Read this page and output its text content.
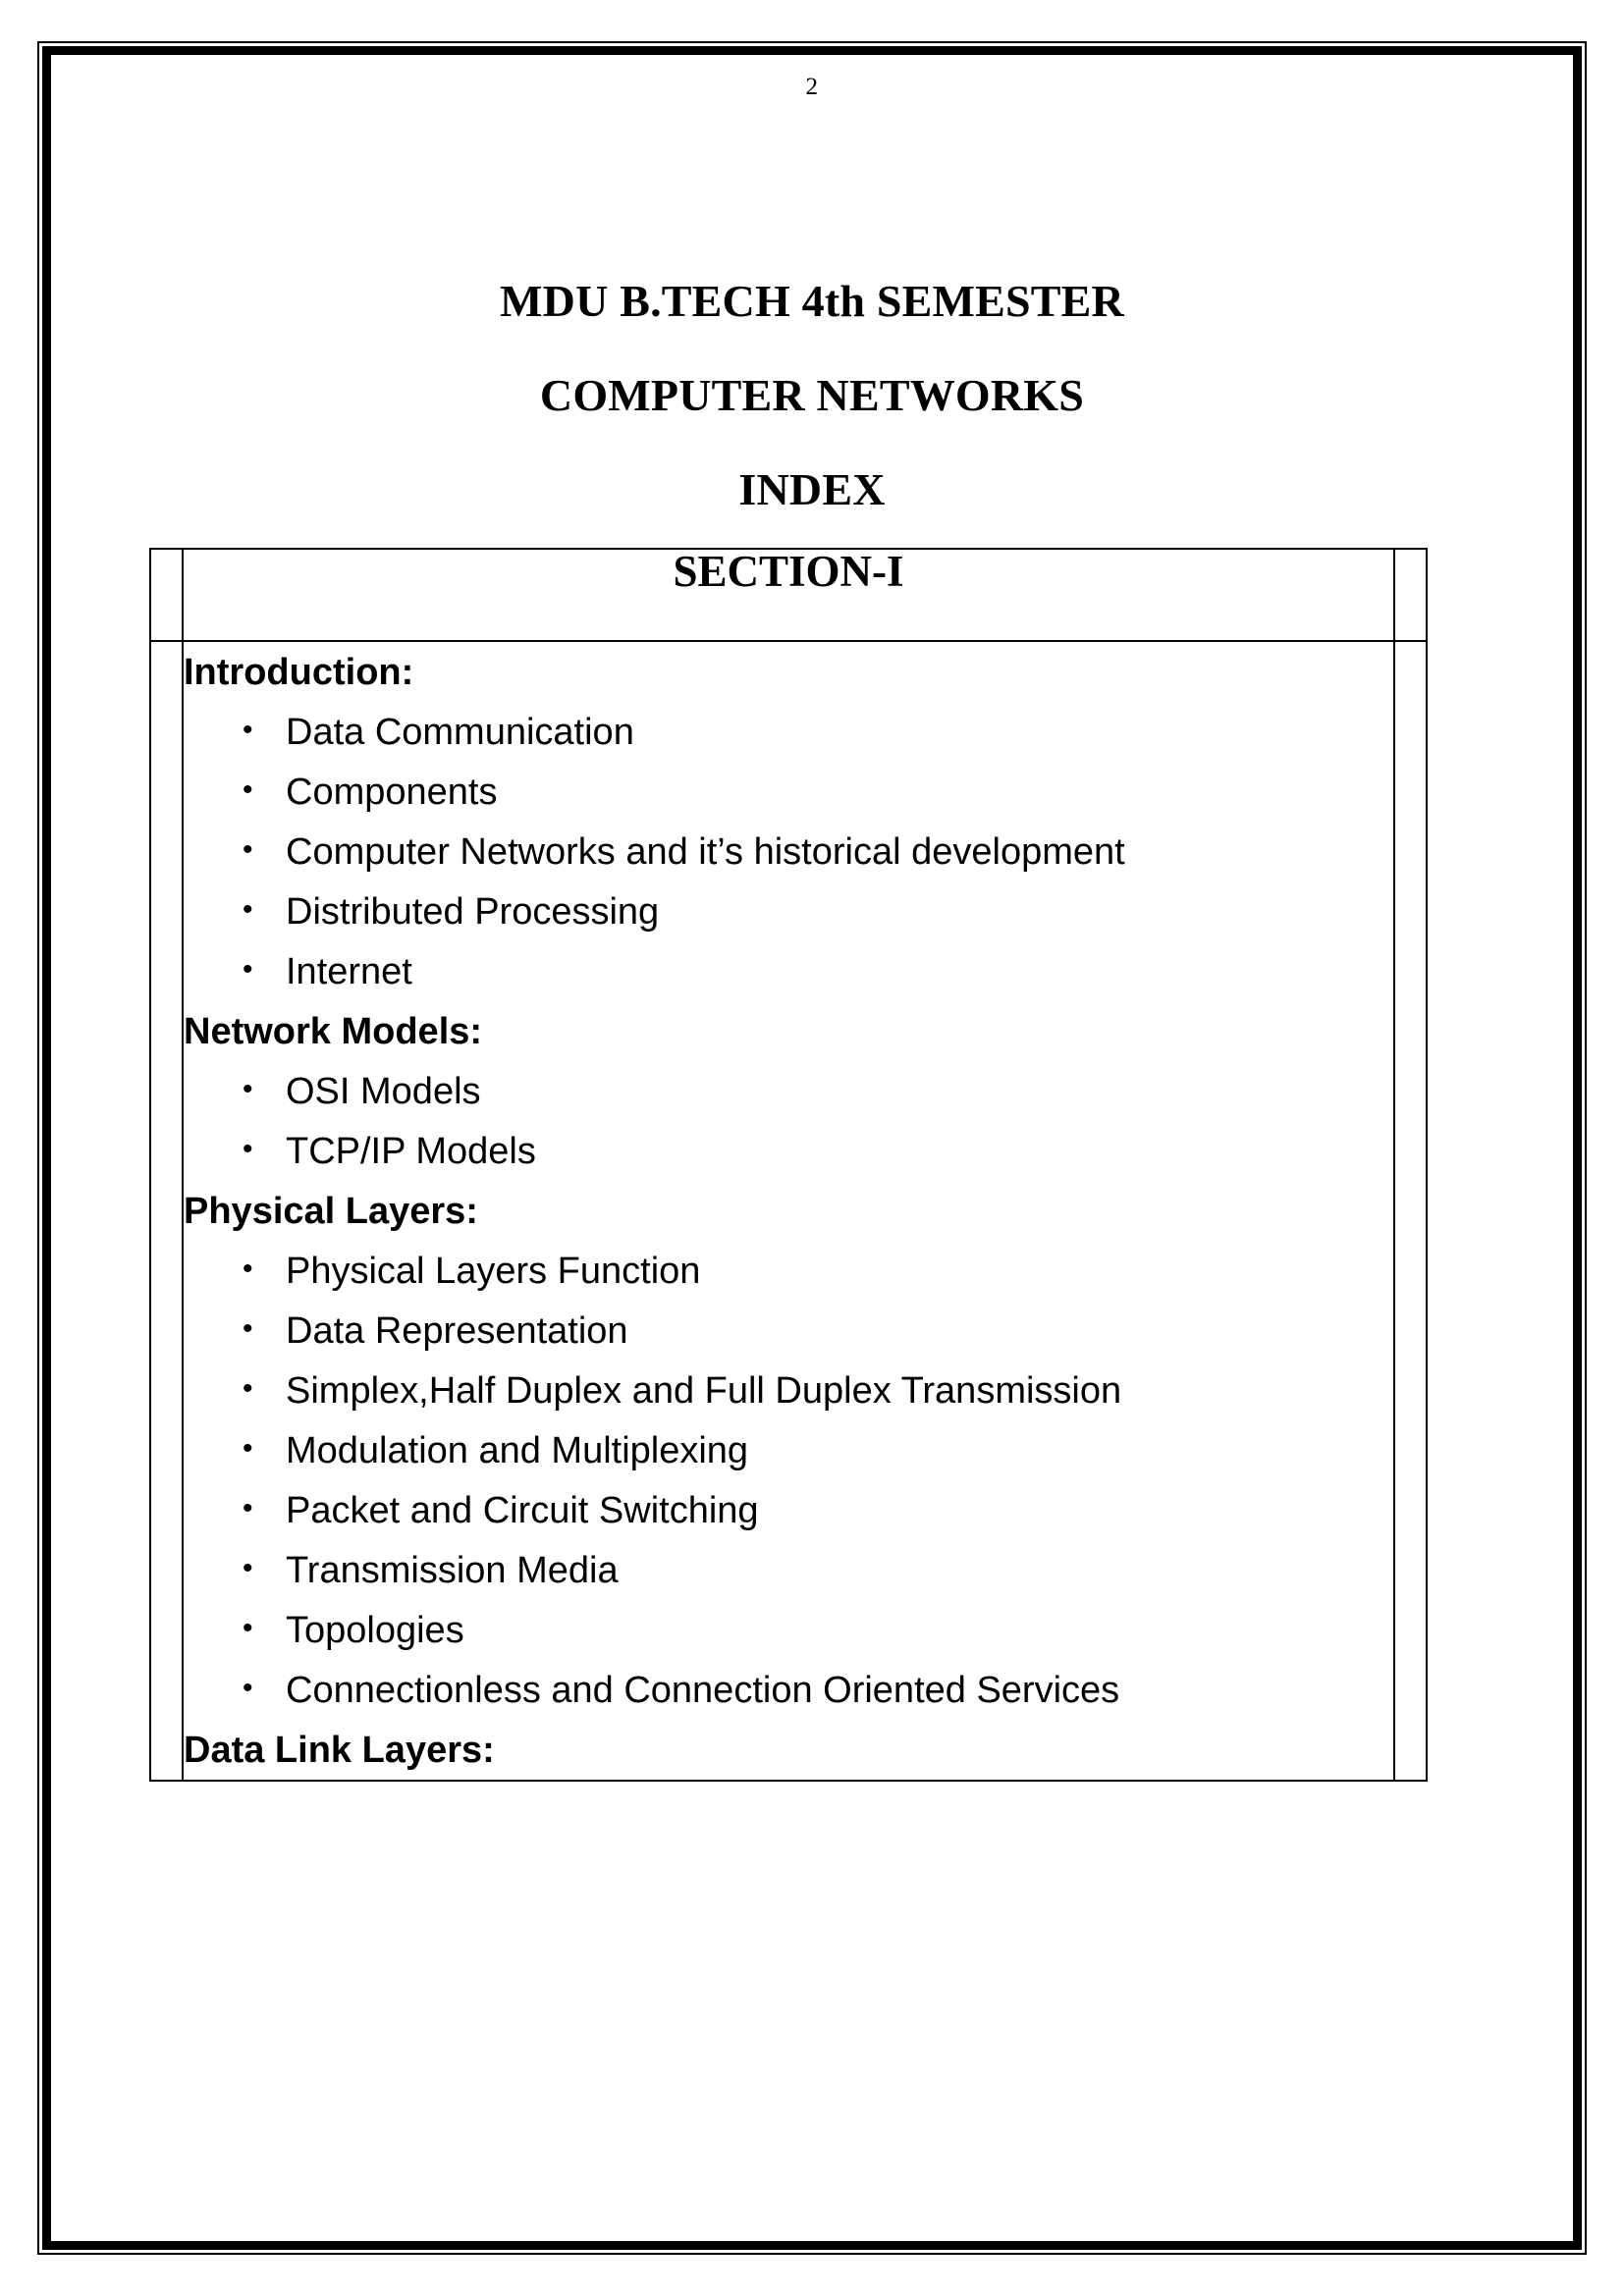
2
MDU B.TECH 4th SEMESTER
COMPUTER NETWORKS
INDEX
	SECTION-I	

Introduction:
• Data Communication
• Components
• Computer Networks and it’s historical development
• Distributed Processing
• Internet
Network Models:
• OSI Models
• TCP/IP Models
Physical Layers:
• Physical Layers Function
• Data Representation
• Simplex,Half Duplex and Full Duplex Transmission
• Modulation and Multiplexing
• Packet and Circuit Switching
• Transmission Media
• Topologies
• Connectionless and Connection Oriented Services
Data Link Layers:
